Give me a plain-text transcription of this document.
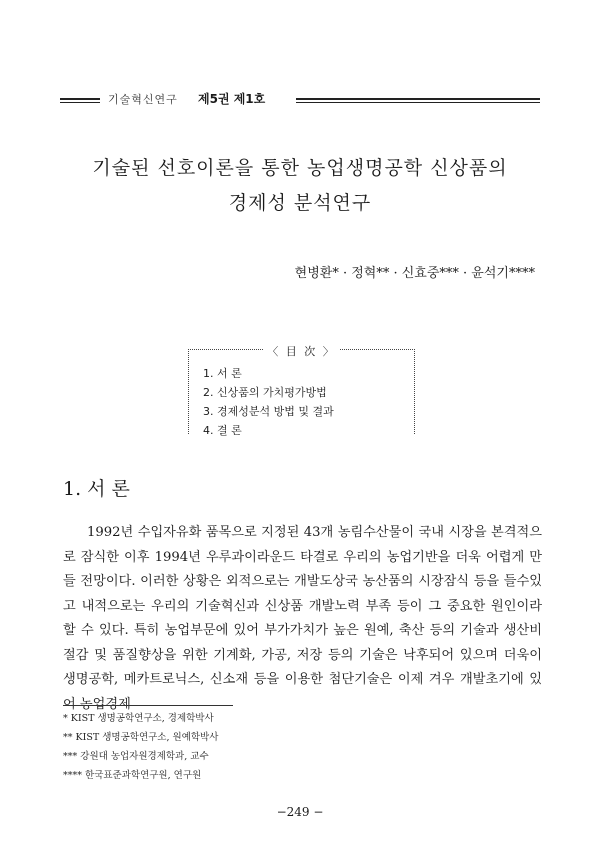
기술혁신연구 제5권 제1호
기술된 선호이론을 통한 농업생명공학 신상품의
경제성 분석연구
현병환* · 정혁** · 신효중*** · 윤석기****
〈 目 次 〉
1. 서 론
2. 신상품의 가치평가방법
3. 경제성분석 방법 및 결과
4. 결 론
1. 서 론

1992년 수입자유화 품목으로 지정된 43개 농림수산물이 국내 시장을 본격적으로 잠식한 이후 1994년 우루과이라운드 타결로 우리의 농업기반을 더욱 어렵게 만들 전망이다. 이러한 상황은 외적으로는 개발도상국 농산품의 시장잠식 등을 들수있고 내적으로는 우리의 기술혁신과 신상품 개발노력 부족 등이 그 중요한 원인이라 할 수 있다. 특히 농업부문에 있어 부가가치가 높은 원예, 축산 등의 기술과 생산비 절감 및 품질향상을 위한 기계화, 가공, 저장 등의 기술은 낙후되어 있으며 더욱이 생명공학, 메카트로닉스, 신소재 등을 이용한 첨단기술은 이제 겨우 개발초기에 있어 농업경제

* KIST 생명공학연구소, 경제학박사
** KIST 생명공학연구소, 원예학박사
*** 강원대 농업자원경제학과, 교수
**** 한국표준과학연구원, 연구원
−249 −
